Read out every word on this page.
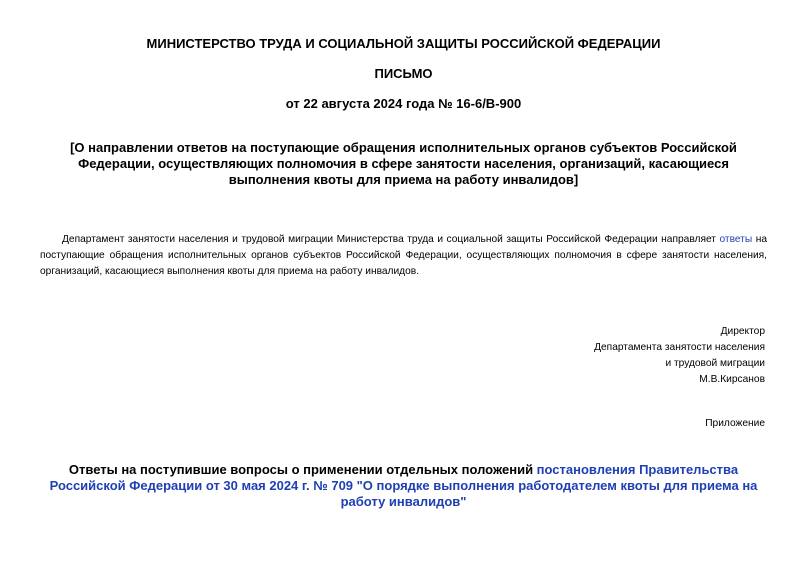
МИНИСТЕРСТВО ТРУДА И СОЦИАЛЬНОЙ ЗАЩИТЫ РОССИЙСКОЙ ФЕДЕРАЦИИ
ПИСЬМО
от 22 августа 2024 года № 16-6/В-900
[О направлении ответов на поступающие обращения исполнительных органов субъектов Российской Федерации, осуществляющих полномочия в сфере занятости населения, организаций, касающиеся выполнения квоты для приема на работу инвалидов]
Департамент занятости населения и трудовой миграции Министерства труда и социальной защиты Российской Федерации направляет ответы на поступающие обращения исполнительных органов субъектов Российской Федерации, осуществляющих полномочия в сфере занятости населения, организаций, касающиеся выполнения квоты для приема на работу инвалидов.
Директор
Департамента занятости населения
и трудовой миграции
М.В.Кирсанов
Приложение
Ответы на поступившие вопросы о применении отдельных положений постановления Правительства Российской Федерации от 30 мая 2024 г. № 709 "О порядке выполнения работодателем квоты для приема на работу инвалидов"
